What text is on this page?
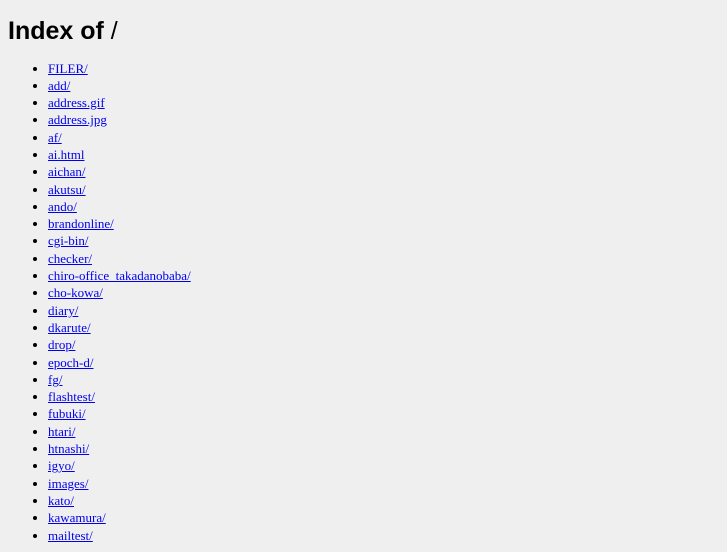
Index of /
• FILER/
• add/
• address.gif
• address.jpg
• af/
• ai.html
• aichan/
• akutsu/
• ando/
• brandonline/
• cgi-bin/
• checker/
• chiro-office_takadanobaba/
• cho-kowa/
• diary/
• dkarute/
• drop/
• epoch-d/
• fg/
• flashtest/
• fubuki/
• htari/
• htnashi/
• igyo/
• images/
• kato/
• kawamura/
• mailtest/
